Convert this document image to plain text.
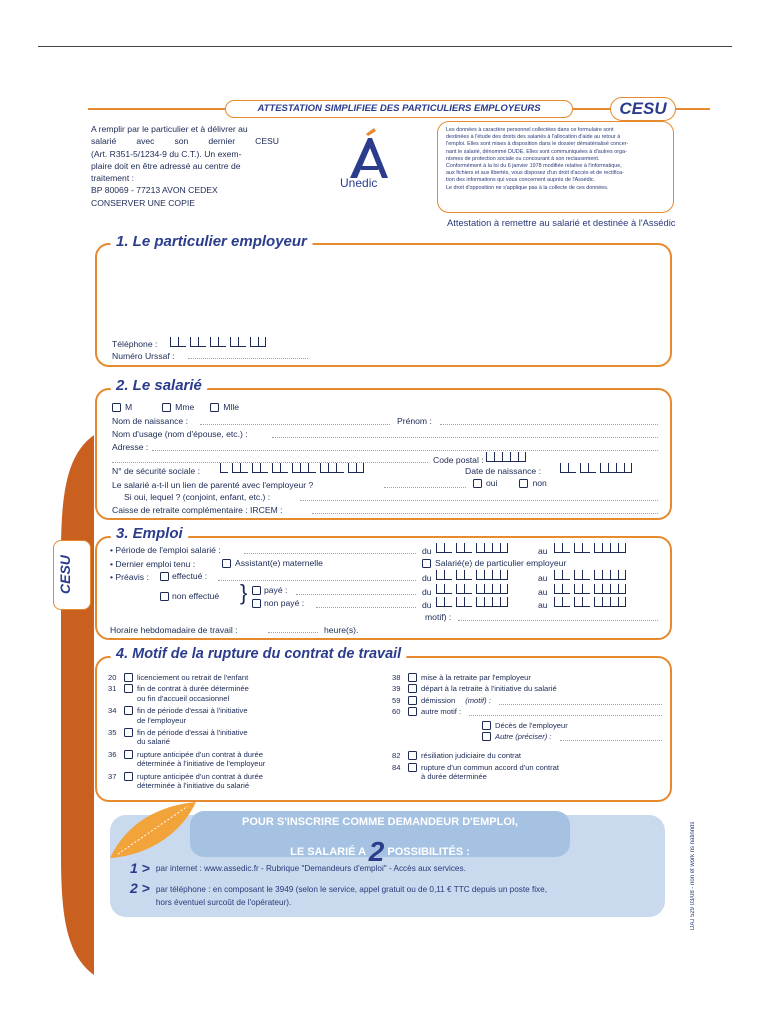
ATTESTATION SIMPLIFIEE DES PARTICULIERS EMPLOYEURS	CESU
A remplir par le particulier et à délivrer au
salarié avec son dernier CESU
(Art. R351-5/1234-9 du C.T.). Un exem-
plaire doit en être adressé au centre de
traitement :
BP 80069 - 77213 AVON CEDEX
CONSERVER UNE COPIE
Unedic
Les données à caractère personnel collectées dans ce formulaire sont
destinées à l'étude des droits des salariés à l'allocation d'aide au retour à
l'emploi. Elles sont mises à disposition dans le dossier dématérialisé concer-
nant le salarié, dénommé DUDE. Elles sont communiquées à d'autres orga-
nismes de protection sociale ou concourant à son reclassement.
Conformément à la loi du 6 janvier 1978 modifiée relative à l'informatique,
aux fichiers et aux libertés, vous disposez d'un droit d'accès et de rectifica-
tion des informations qui vous concernent auprès de l'Assédic.
Le droit d'opposition ne s'applique pas à la collecte de ces données.
Attestation à remettre au salarié et destinée à l'Assédic
CESU
1. Le particulier employeur
Téléphone :
Numéro Urssaf :
2. Le salarié
M	Mme	Mlle
Nom de naissance :	Prénom :
Nom d'usage (nom d'épouse, etc.) :
Adresse :
Code postal :
N° de sécurité sociale :	Date de naissance :
Le salarié a-t-il un lien de parenté avec l'employeur ?	oui	non
Si oui, lequel ? (conjoint, enfant, etc.) :
Caisse de retraite complémentaire : IRCEM :
3. Emploi
• Période de l'emploi salarié :	du	au
• Dernier emploi tenu :	Assistant(e) maternelle	Salarié(e) de particulier employeur
• Préavis :	effectué :	du	au
non effectué } payé :	du	au
non payé :	du	au
motif) :
Horaire hebdomadaire de travail :	heure(s).
4. Motif de la rupture du contrat de travail
20	licenciement ou retrait de l'enfant
31	fin de contrat à durée déterminée
ou fin d'accueil occasionnel
34	fin de période d'essai à l'initiative
de l'employeur
35	fin de période d'essai à l'initiative
du salarié
36	rupture anticipée d'un contrat à durée
déterminée à l'initiative de l'employeur
37	rupture anticipée d'un contrat à durée
déterminée à l'initiative du salarié
38	mise à la retraite par l'employeur
39	départ à la retraite à l'initiative du salarié
59	démission (motif) :
60	autre motif :
Décès de l'employeur
Autre (préciser) :
82	résiliation judiciaire du contrat
84	rupture d'un commun accord d'un contrat
à durée déterminée
POUR S'INSCRIRE COMME DEMANDEUR D'EMPLOI,
LE SALARIÉ A 2 POSSIBILITÉS :
1 > par internet : www.assedic.fr - Rubrique "Demandeurs d'emploi" - Accès aux services.
2 > par téléphone : en composant le 3949 (selon le service, appel gratuit ou de 0,11 € TTC depuis un poste fixe,
hors éventuel surcoût de l'opérateur).	DAJ 529 03/08 - non et work ns natinnds
